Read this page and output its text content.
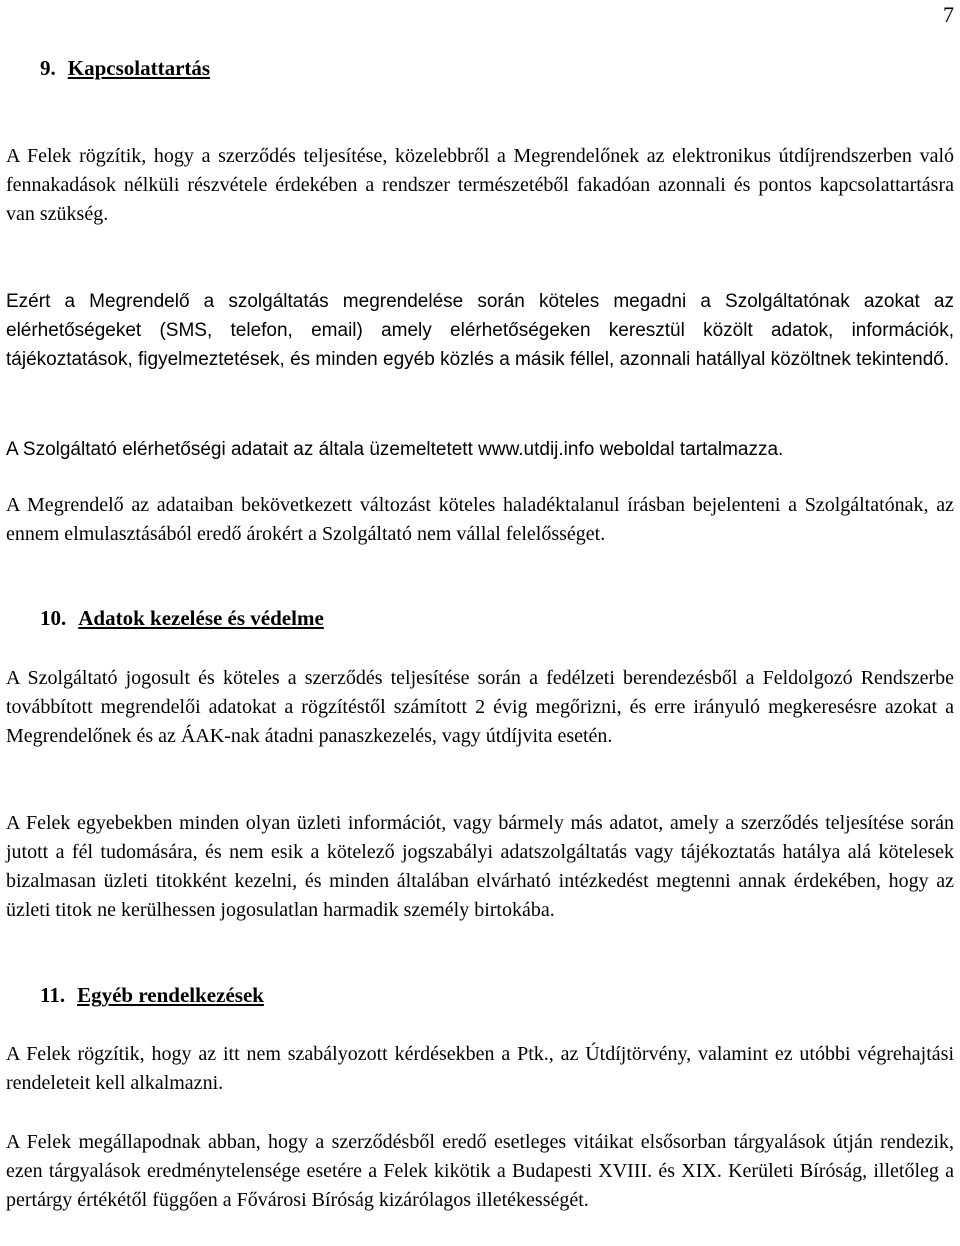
7
9. Kapcsolattartás

A Felek rögzítik, hogy a szerződés teljesítése, közelebbről a Megrendelőnek az elektronikus útdíjrendszerben való fennakadások nélküli részvétele érdekében a rendszer természetéből fakadóan azonnali és pontos kapcsolattartásra van szükség.

Ezért a Megrendelő a szolgáltatás megrendelése során köteles megadni a Szolgáltatónak azokat az elérhetőségeket (SMS, telefon, email) amely elérhetőségeken keresztül közölt adatok, információk, tájékoztatások, figyelmeztetések, és minden egyéb közlés a másik féllel, azonnali hatállyal közöltnek tekintendő.

A Szolgáltató elérhetőségi adatait az általa üzemeltetett www.utdij.info weboldal tartalmazza.

A Megrendelő az adataiban bekövetkezett változást köteles haladéktalanul írásban bejelenteni a Szolgáltatónak, az ennem elmulasztásából eredő árokért a Szolgáltató nem vállal felelősséget.

10. Adatok kezelése és védelme

A Szolgáltató jogosult és köteles a szerződés teljesítése során a fedélzeti berendezésből a Feldolgozó Rendszerbe továbbított megrendelői adatokat a rögzítéstől számított 2 évig megőrizni, és erre irányuló megkeresésre azokat a Megrendelőnek és az ÁAK-nak átadni panaszkezelés, vagy útdíjvita esetén.

A Felek egyebekben minden olyan üzleti információt, vagy bármely más adatot, amely a szerződés teljesítése során jutott a fél tudomására, és nem esik a kötelező jogszabályi adatszolgáltatás vagy tájékoztatás hatálya alá kötelesek bizalmasan üzleti titokként kezelni, és minden általában elvárható intézkedést megtenni annak érdekében, hogy az üzleti titok ne kerülhessen jogosulatlan harmadik személy birtokába.

11. Egyéb rendelkezések

A Felek rögzítik, hogy az itt nem szabályozott kérdésekben a Ptk., az Útdíjtörvény, valamint ez utóbbi végrehajtási rendeleteit kell alkalmazni.

A Felek megállapodnak abban, hogy a szerződésből eredő esetleges vitáikat elsősorban tárgyalások útján rendezik, ezen tárgyalások eredménytelensége esetére a Felek kikötik a Budapesti XVIII. és XIX. Kerületi Bíróság, illetőleg a pertárgy értékétől függően a Fővárosi Bíróság kizárólagos illetékességét.
